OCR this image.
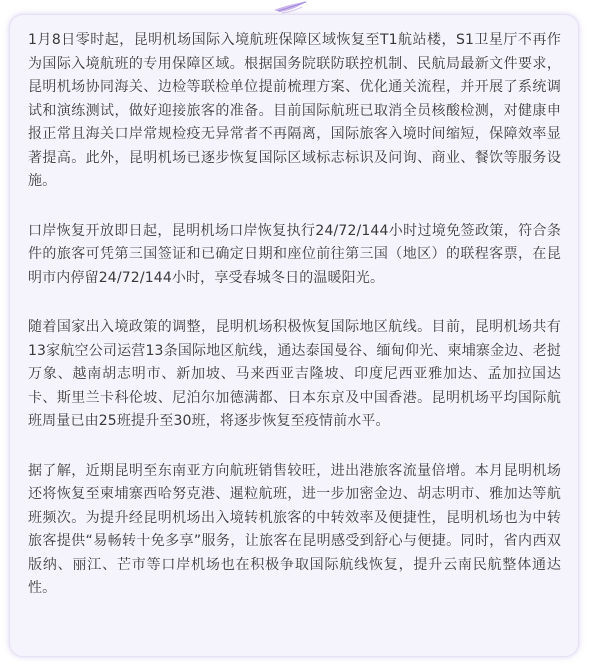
1月8日零时起，昆明机场国际入境航班保障区域恢复至T1航站楼，S1卫星厅不再作为国际入境航班的专用保障区域。根据国务院联防联控机制、民航局最新文件要求，昆明机场协同海关、边检等联检单位提前梳理方案、优化通关流程，并开展了系统调试和演练测试，做好迎接旅客的准备。目前国际航班已取消全员核酸检测，对健康申报正常且海关口岸常规检疫无异常者不再隔离，国际旅客入境时间缩短，保障效率显著提高。此外，昆明机场已逐步恢复国际区域标志标识及问询、商业、餐饮等服务设施。

口岸恢复开放即日起，昆明机场口岸恢复执行24/72/144小时过境免签政策，符合条件的旅客可凭第三国签证和已确定日期和座位前往第三国（地区）的联程客票，在昆明市内停留24/72/144小时，享受春城冬日的温暖阳光。

随着国家出入境政策的调整，昆明机场积极恢复国际地区航线。目前，昆明机场共有13家航空公司运营13条国际地区航线，通达泰国曼谷、缅甸仰光、柬埔寨金边、老挝万象、越南胡志明市、新加坡、马来西亚吉隆坡、印度尼西亚雅加达、孟加拉国达卡、斯里兰卡科伦坡、尼泊尔加德满都、日本东京及中国香港。昆明机场平均国际航班周量已由25班提升至30班，将逐步恢复至疫情前水平。

据了解，近期昆明至东南亚方向航班销售较旺，进出港旅客流量倍增。本月昆明机场还将恢复至柬埔寨西哈努克港、暹粒航班，进一步加密金边、胡志明市、雅加达等航班频次。为提升经昆明机场出入境转机旅客的中转效率及便捷性，昆明机场也为中转旅客提供“易畅转十免多享”服务，让旅客在昆明感受到舒心与便捷。同时，省内西双版纳、丽江、芒市等口岸机场也在积极争取国际航线恢复，提升云南民航整体通达性。
